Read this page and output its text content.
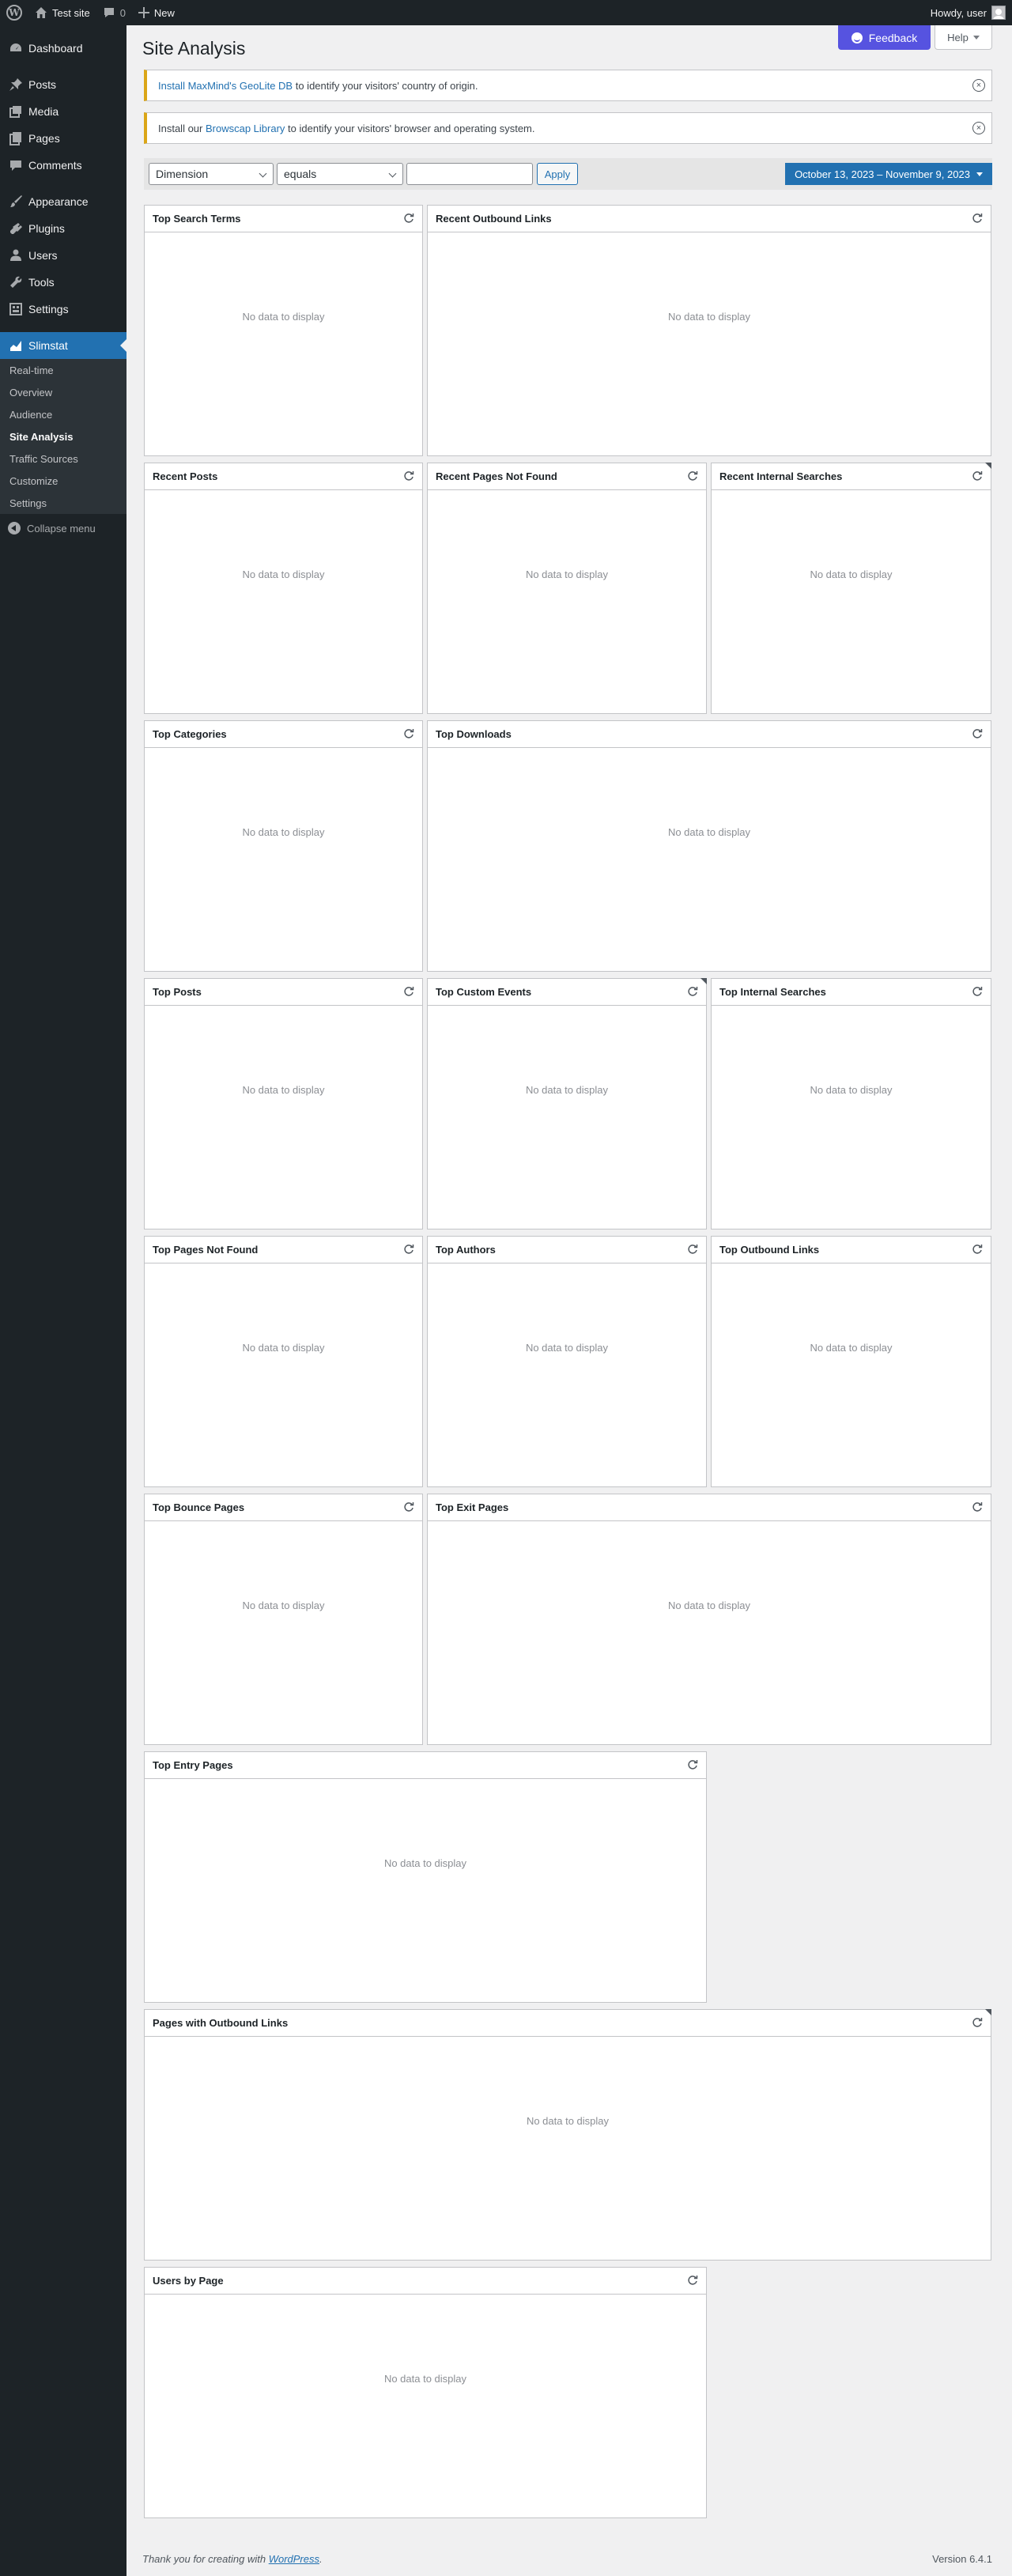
W	Test site	0	New	Howdy, user
Dashboard
Posts
Media
Pages
Comments
Appearance
Plugins
Users
Tools
Settings
Slimstat
Real-time
Overview
Audience
Site Analysis
Traffic Sources
Customize
Settings
Collapse menu
Site Analysis
Feedback	Help
Install MaxMind's GeoLite DB to identify your visitors' country of origin.	×
Install our Browscap Library to identify your visitors' browser and operating system.	×
Dimension	equals	Apply	October 13, 2023 – November 9, 2023
Top Search Terms
No data to display
Recent Outbound Links
No data to display
Recent Posts
No data to display
Recent Pages Not Found
No data to display
Recent Internal Searches
No data to display
Top Categories
No data to display
Top Downloads
No data to display
Top Posts
No data to display
Top Custom Events
No data to display
Top Internal Searches
No data to display
Top Pages Not Found
No data to display
Top Authors
No data to display
Top Outbound Links
No data to display
Top Bounce Pages
No data to display
Top Exit Pages
No data to display
Top Entry Pages
No data to display
Pages with Outbound Links
No data to display
Users by Page
No data to display
Thank you for creating with WordPress.	Version 6.4.1
